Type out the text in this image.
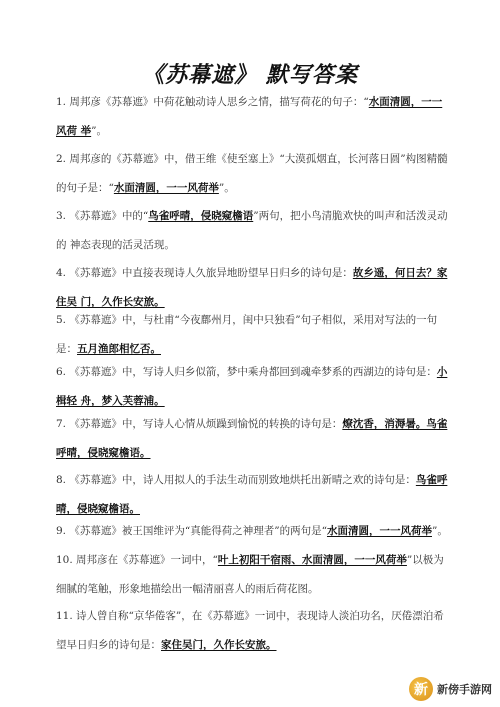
《苏幕遮》 默写答案
1. 周邦彦《苏幕遮》中荷花触动诗人思乡之情，描写荷花的句子：“水面清圆，一一风荷 举”。
2. 周邦彦的《苏幕遮》中，借王维《使至塞上》“大漠孤烟直，长河落日圆”构图精髓的句子是：“水面清圆，一一风荷举”。
3. 《苏幕遮》中的“鸟雀呼晴，侵晓窥檐语”两句，把小鸟清脆欢快的叫声和活泼灵动的 神态表现的活灵活现。
4. 《苏幕遮》中直接表现诗人久旅异地盼望早日归乡的诗句是：故乡遥，何日去？家住吴 门，久作长安旅。
5. 《苏幕遮》中，与杜甫“今夜鄜州月，闺中只独看”句子相似，采用对写法的一句是：五月渔郎相忆否。
6. 《苏幕遮》中，写诗人归乡似箭，梦中乘舟都回到魂牵梦系的西湖边的诗句是：小楫轻 舟，梦入芙蓉浦。
7. 《苏幕遮》中，写诗人心情从烦躁到愉悦的转换的诗句是：燎沈香，消溽暑。鸟雀呼晴，侵晓窥檐语。
8. 《苏幕遮》中，诗人用拟人的手法生动而别致地烘托出新晴之欢的诗句是：鸟雀呼晴，侵晓窥檐语。
9. 《苏幕遮》被王国维评为“真能得荷之神理者”的两句是“水面清圆，一一风荷举”。
10. 周邦彦在《苏幕遮》一词中，“叶上初阳干宿雨、水面清圆，一一风荷举”以极为细腻的笔触，形象地描绘出一幅清丽喜人的雨后荷花图。
11. 诗人曾自称“京华倦客”，在《苏幕遮》一词中，表现诗人淡泊功名，厌倦漂泊希望早日归乡的诗句是：家住吴门，久作长安旅。
新 新傍手游网
